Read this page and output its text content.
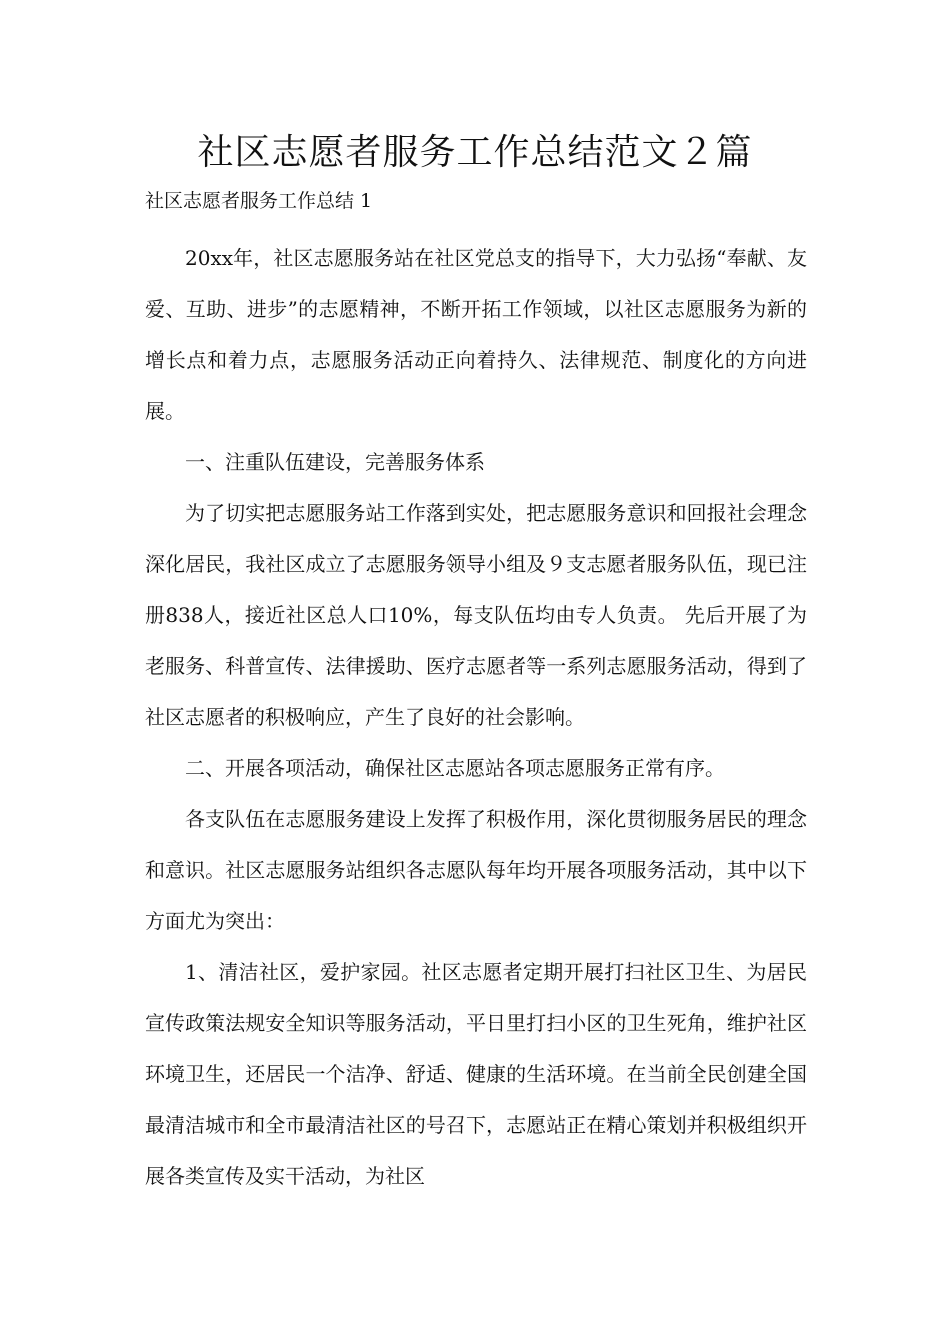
社区志愿者服务工作总结范文２篇
社区志愿者服务工作总结 1

20xx年，社区志愿服务站在社区党总支的指导下，大力弘扬“奉献、友爱、互助、进步”的志愿精神，不断开拓工作领域，以社区志愿服务为新的增长点和着力点，志愿服务活动正向着持久、法律规范、制度化的方向进展。

一、注重队伍建设，完善服务体系

为了切实把志愿服务站工作落到实处，把志愿服务意识和回报社会理念深化居民，我社区成立了志愿服务领导小组及９支志愿者服务队伍，现已注册838人，接近社区总人口10%，每支队伍均由专人负责。 先后开展了为老服务、科普宣传、法律援助、医疗志愿者等一系列志愿服务活动，得到了社区志愿者的积极响应，产生了良好的社会影响。

二、开展各项活动，确保社区志愿站各项志愿服务正常有序。

各支队伍在志愿服务建设上发挥了积极作用，深化贯彻服务居民的理念和意识。社区志愿服务站组织各志愿队每年均开展各项服务活动，其中以下方面尤为突出：

1、清洁社区，爱护家园。社区志愿者定期开展打扫社区卫生、为居民宣传政策法规安全知识等服务活动，平日里打扫小区的卫生死角，维护社区环境卫生，还居民一个洁净、舒适、健康的生活环境。在当前全民创建全国最清洁城市和全市最清洁社区的号召下，志愿站正在精心策划并积极组织开展各类宣传及实干活动，为社区
